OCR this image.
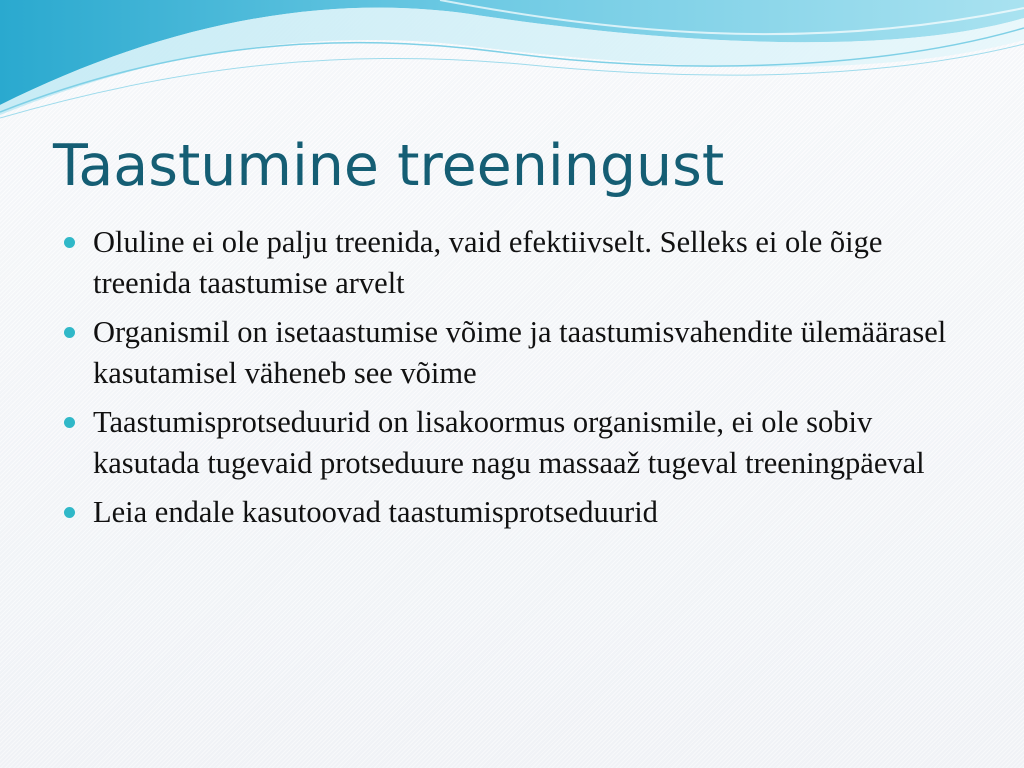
Taastumine treeningust
Oluline ei ole palju treenida, vaid efektiivselt. Selleks ei ole õige treenida taastumise arvelt
Organismil on isetaastumise võime ja taastumisvahendite ülemäärasel kasutamisel väheneb see võime
Taastumisprotseduurid on lisakoormus organismile, ei ole sobiv kasutada tugevaid protseduure nagu massaaž tugeval treeningpäeval
Leia endale kasutoovad taastumisprotseduurid
